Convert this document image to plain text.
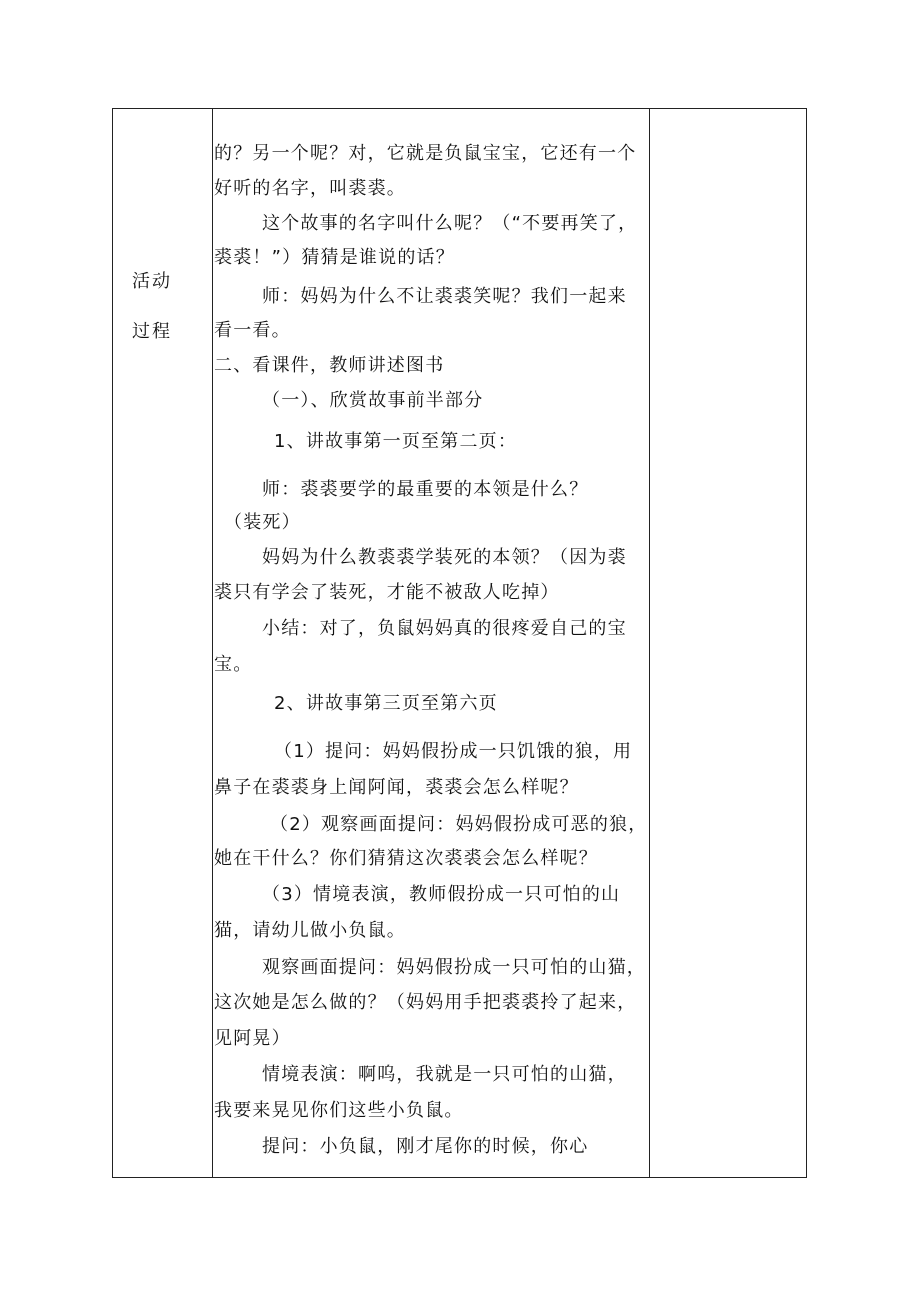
活动
过程
的？另一个呢？对，它就是负鼠宝宝，它还有一个
好听的名字，叫裘裘。
这个故事的名字叫什么呢？（“不要再笑了，
裘裘！”）猜猜是谁说的话？
师：妈妈为什么不让裘裘笑呢？我们一起来
看一看。
二、看课件，教师讲述图书
（一）、欣赏故事前半部分
1、讲故事第一页至第二页：
师：裘裘要学的最重要的本领是什么？
（装死）
妈妈为什么教裘裘学装死的本领？（因为裘
裘只有学会了装死，才能不被敌人吃掉）
小结：对了，负鼠妈妈真的很疼爱自己的宝
宝。
2、讲故事第三页至第六页
（1）提问：妈妈假扮成一只饥饿的狼，用
鼻子在裘裘身上闻阿闻，裘裘会怎么样呢？
（2）观察画面提问：妈妈假扮成可恶的狼，
她在干什么？你们猜猜这次裘裘会怎么样呢？
（3）情境表演，教师假扮成一只可怕的山
猫，请幼儿做小负鼠。
观察画面提问：妈妈假扮成一只可怕的山猫，
这次她是怎么做的？（妈妈用手把裘裘拎了起来，
见阿晃）
情境表演：啊呜，我就是一只可怕的山猫，
我要来晃见你们这些小负鼠。
提问：小负鼠，刚才尾你的时候，你心
